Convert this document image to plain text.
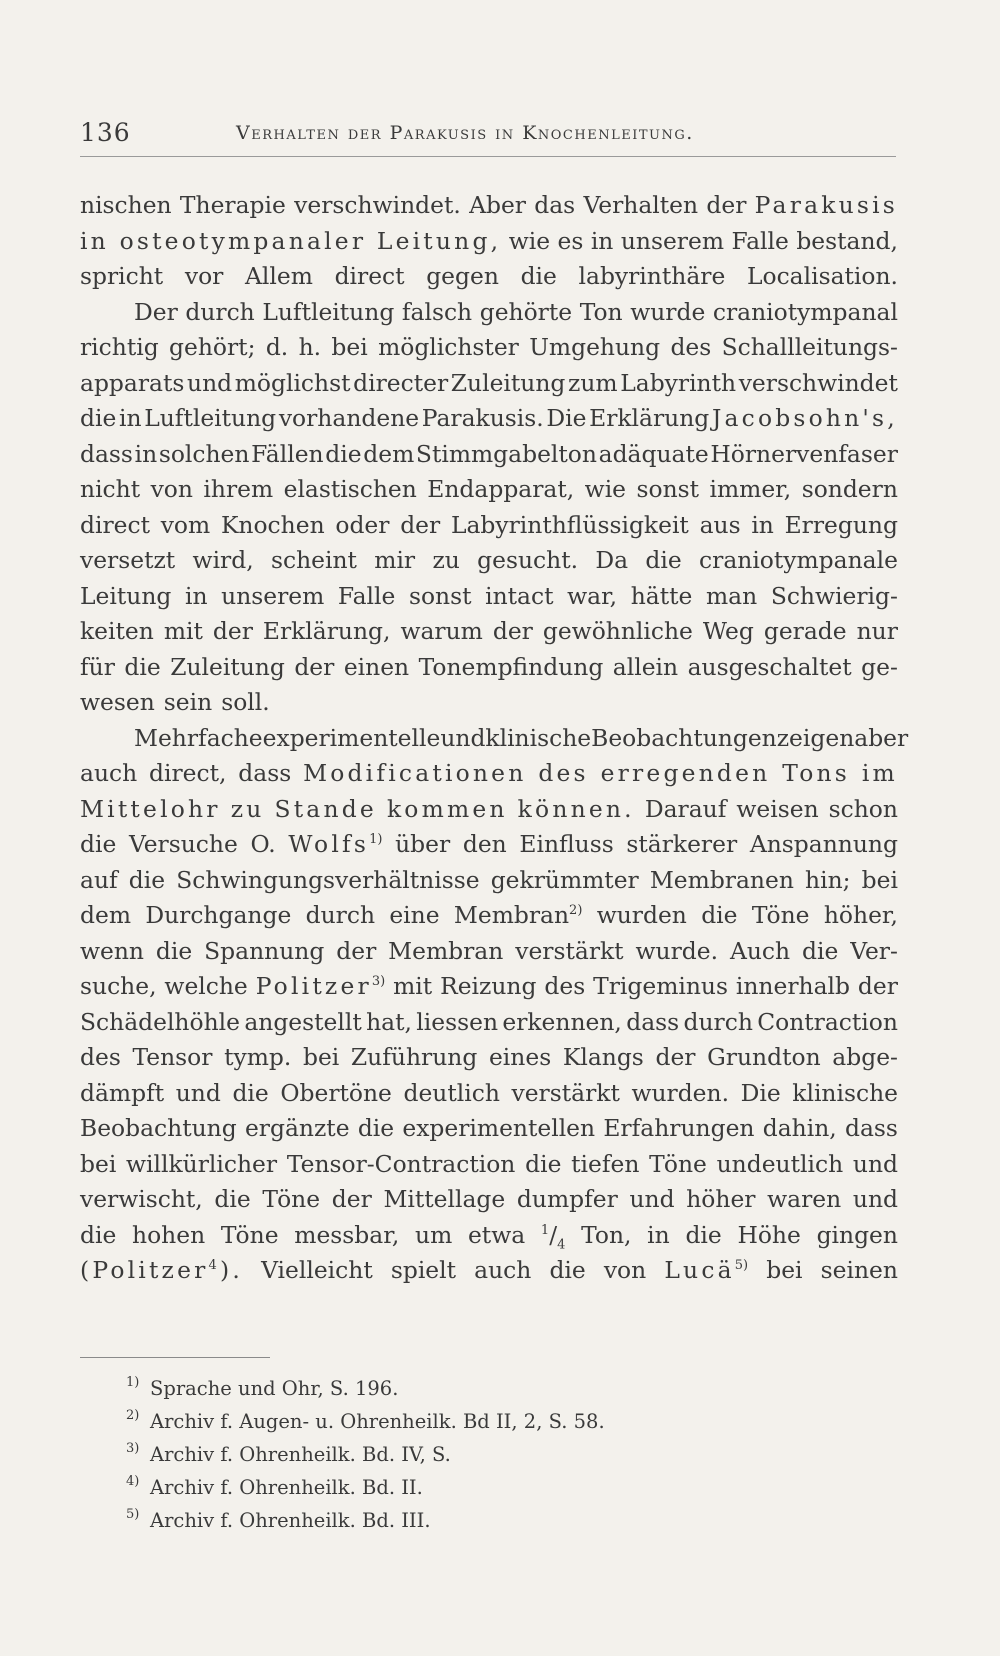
136	Verhalten der Parakusis in Knochenleitung.
nischen Therapie verschwindet. Aber das Verhalten der Parakusis
in osteotympanaler Leitung, wie es in unserem Falle bestand,
spricht vor Allem direct gegen die labyrinthäre Localisation.
Der durch Luftleitung falsch gehörte Ton wurde craniotympanal
richtig gehört; d. h. bei möglichster Umgehung des Schallleitungs-
apparats und möglichst directer Zuleitung zum Labyrinth verschwindet
die in Luftleitung vorhandene Parakusis. Die Erklärung Jacobsohn's,
dass in solchen Fällen die dem Stimmgabelton adäquate Hörnervenfaser
nicht von ihrem elastischen Endapparat, wie sonst immer, sondern
direct vom Knochen oder der Labyrinthflüssigkeit aus in Erregung
versetzt wird, scheint mir zu gesucht. Da die craniotympanale
Leitung in unserem Falle sonst intact war, hätte man Schwierig-
keiten mit der Erklärung, warum der gewöhnliche Weg gerade nur
für die Zuleitung der einen Tonempfindung allein ausgeschaltet ge-
wesen sein soll.
Mehrfache experimentelle und klinische Beobachtungen zeigen aber
auch direct, dass Modificationen des erregenden Tons im
Mittelohr zu Stande kommen können. Darauf weisen schon
die Versuche O. Wolfs$^{1)}$ über den Einfluss stärkerer Anspannung
auf die Schwingungsverhältnisse gekrümmter Membranen hin; bei
dem Durchgange durch eine Membran$^{2)}$ wurden die Töne höher,
wenn die Spannung der Membran verstärkt wurde. Auch die Ver-
suche, welche Politzer$^{3)}$ mit Reizung des Trigeminus innerhalb der
Schädelhöhle angestellt hat, liessen erkennen, dass durch Contraction
des Tensor tymp. bei Zuführung eines Klangs der Grundton abge-
dämpft und die Obertöne deutlich verstärkt wurden. Die klinische
Beobachtung ergänzte die experimentellen Erfahrungen dahin, dass
bei willkürlicher Tensor-Contraction die tiefen Töne undeutlich und
verwischt, die Töne der Mittellage dumpfer und höher waren und
die hohen Töne messbar, um etwa $^1/_4$ Ton, in die Höhe gingen
(Politzer$^4$). Vielleicht spielt auch die von Lucä$^{5)}$ bei seinen
1) Sprache und Ohr, S. 196.
2) Archiv f. Augen- u. Ohrenheilk. Bd II, 2, S. 58.
3) Archiv f. Ohrenheilk. Bd. IV, S.
4) Archiv f. Ohrenheilk. Bd. II.
5) Archiv f. Ohrenheilk. Bd. III.
